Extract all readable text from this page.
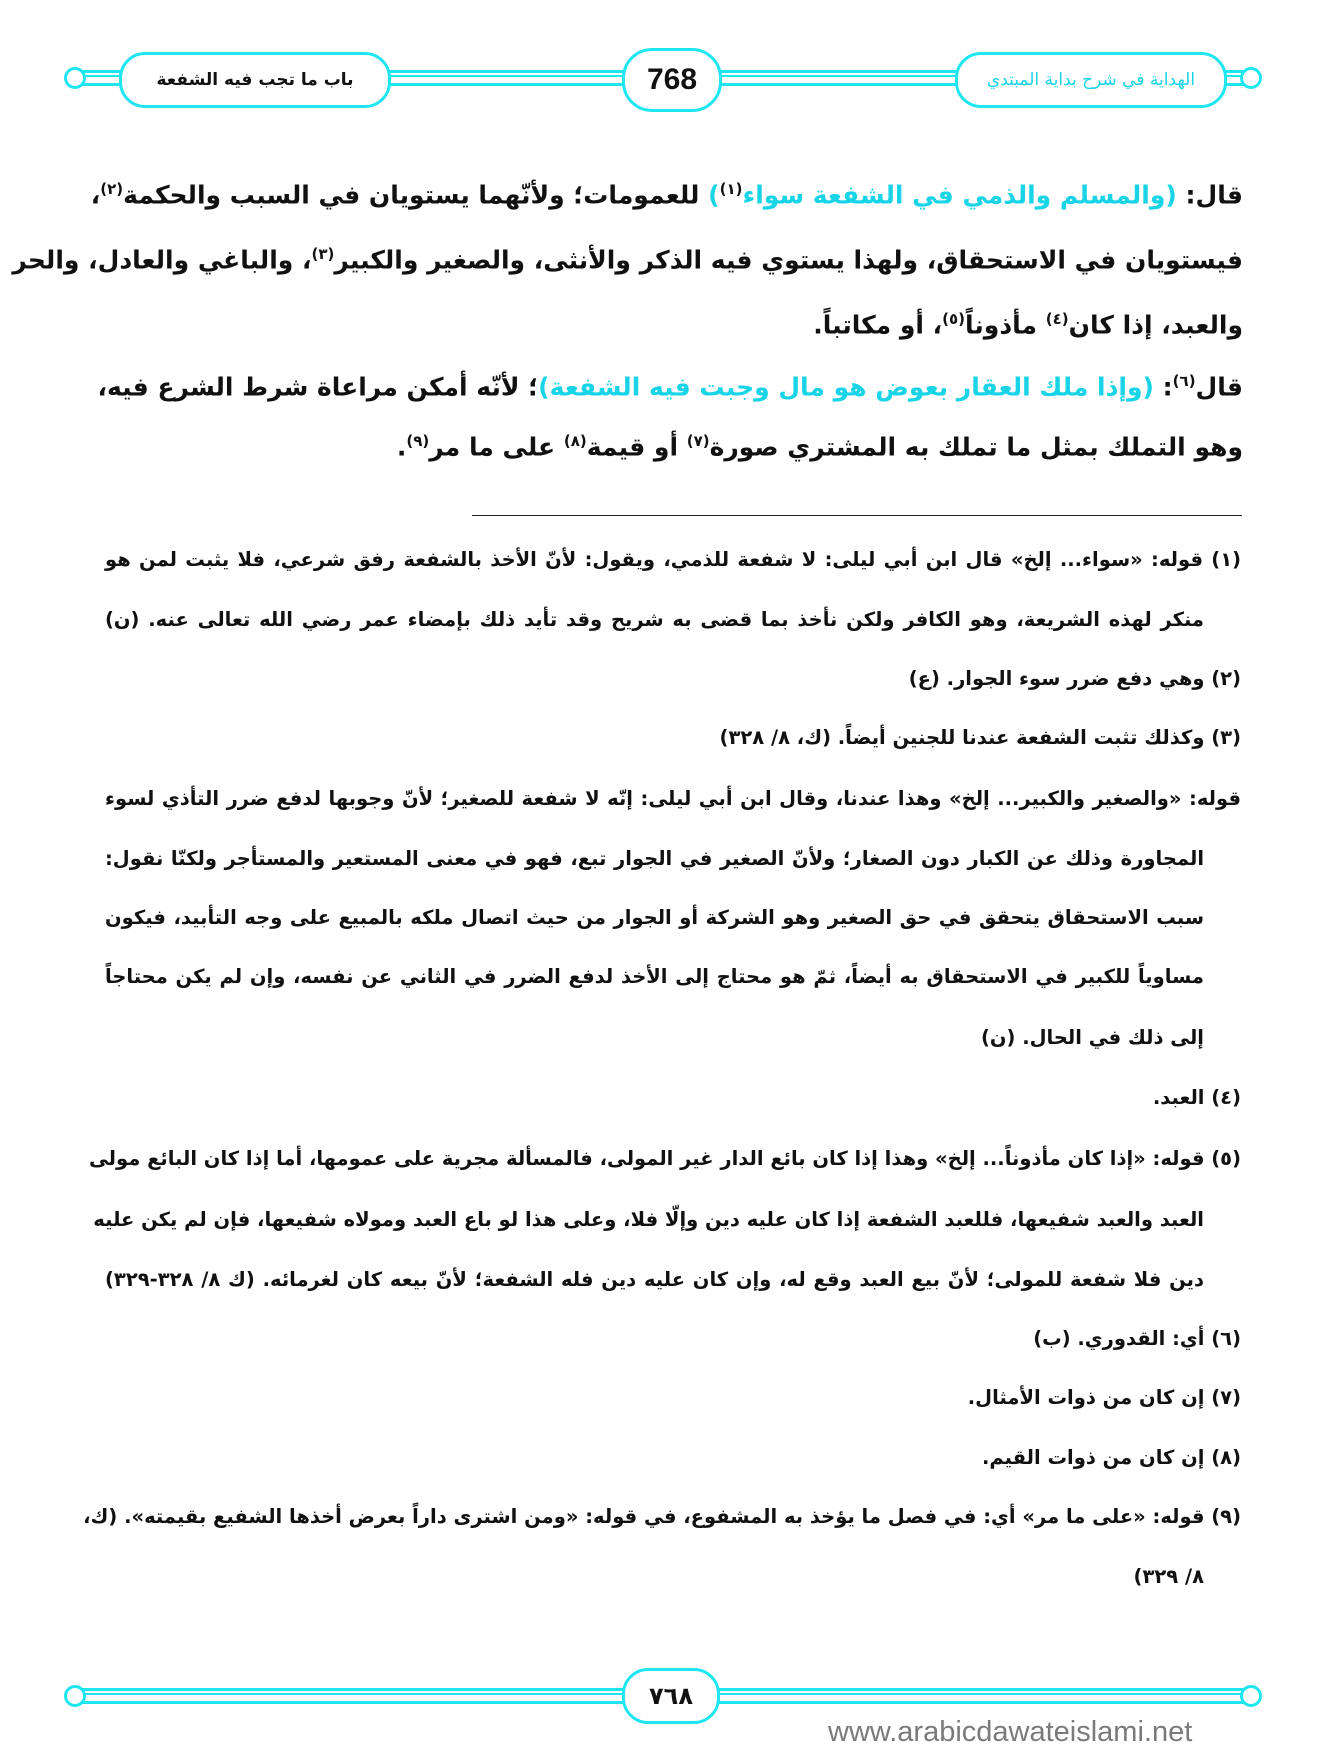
باب ما تجب فيه الشفعة	768	الهداية في شرح بداية المبتدي
قال: (والمسلم والذمي في الشفعة سواء$^{(١)}$) للعمومات؛ ولأنّهما يستويان في السبب والحكمة$^{(٢)}$،
فيستويان في الاستحقاق، ولهذا يستوي فيه الذكر والأنثى، والصغير والكبير$^{(٣)}$، والباغي والعادل، والحر
والعبد، إذا كان$^{(٤)}$ مأذوناً$^{(٥)}$، أو مكاتباً.
قال$^{(٦)}$: (وإذا ملك العقار بعوض هو مال وجبت فيه الشفعة)؛ لأنّه أمكن مراعاة شرط الشرع فيه،
وهو التملك بمثل ما تملك به المشتري صورة$^{(٧)}$ أو قيمة$^{(٨)}$ على ما مر$^{(٩)}$.
(١) قوله: «سواء... إلخ» قال ابن أبي ليلى: لا شفعة للذمي، ويقول: لأنّ الأخذ بالشفعة رفق شرعي، فلا يثبت لمن هو
منكر لهذه الشريعة، وهو الكافر ولكن نأخذ بما قضى به شريح وقد تأيد ذلك بإمضاء عمر رضي الله تعالى عنه. (ن)
(٢) وهي دفع ضرر سوء الجوار. (ع)
(٣) وكذلك تثبت الشفعة عندنا للجنين أيضاً. (ك، ٨/ ٣٢٨)
قوله: «والصغير والكبير... إلخ» وهذا عندنا، وقال ابن أبي ليلى: إنّه لا شفعة للصغير؛ لأنّ وجوبها لدفع ضرر التأذي لسوء
المجاورة وذلك عن الكبار دون الصغار؛ ولأنّ الصغير في الجوار تبع، فهو في معنى المستعير والمستأجر ولكنّا نقول:
سبب الاستحقاق يتحقق في حق الصغير وهو الشركة أو الجوار من حيث اتصال ملكه بالمبيع على وجه التأبيد، فيكون
مساوياً للكبير في الاستحقاق به أيضاً، ثمّ هو محتاج إلى الأخذ لدفع الضرر في الثاني عن نفسه، وإن لم يكن محتاجاً
إلى ذلك في الحال. (ن)
(٤) العبد.
(٥) قوله: «إذا كان مأذوناً... إلخ» وهذا إذا كان بائع الدار غير المولى، فالمسألة مجرية على عمومها، أما إذا كان البائع مولى
العبد والعبد شفيعها، فللعبد الشفعة إذا كان عليه دين وإلّا فلا، وعلى هذا لو باع العبد ومولاه شفيعها، فإن لم يكن عليه
دين فلا شفعة للمولى؛ لأنّ بيع العبد وقع له، وإن كان عليه دين فله الشفعة؛ لأنّ بيعه كان لغرمائه. (ك ٨/ ٣٢٨-٣٢٩)
(٦) أي: القدوري. (ب)
(٧) إن كان من ذوات الأمثال.
(٨) إن كان من ذوات القيم.
(٩) قوله: «على ما مر» أي: في فصل ما يؤخذ به المشفوع، في قوله: «ومن اشترى داراً بعرض أخذها الشفيع بقيمته». (ك،
٨/ ٣٢٩)
٧٦٨
www.arabicdawateislami.net
